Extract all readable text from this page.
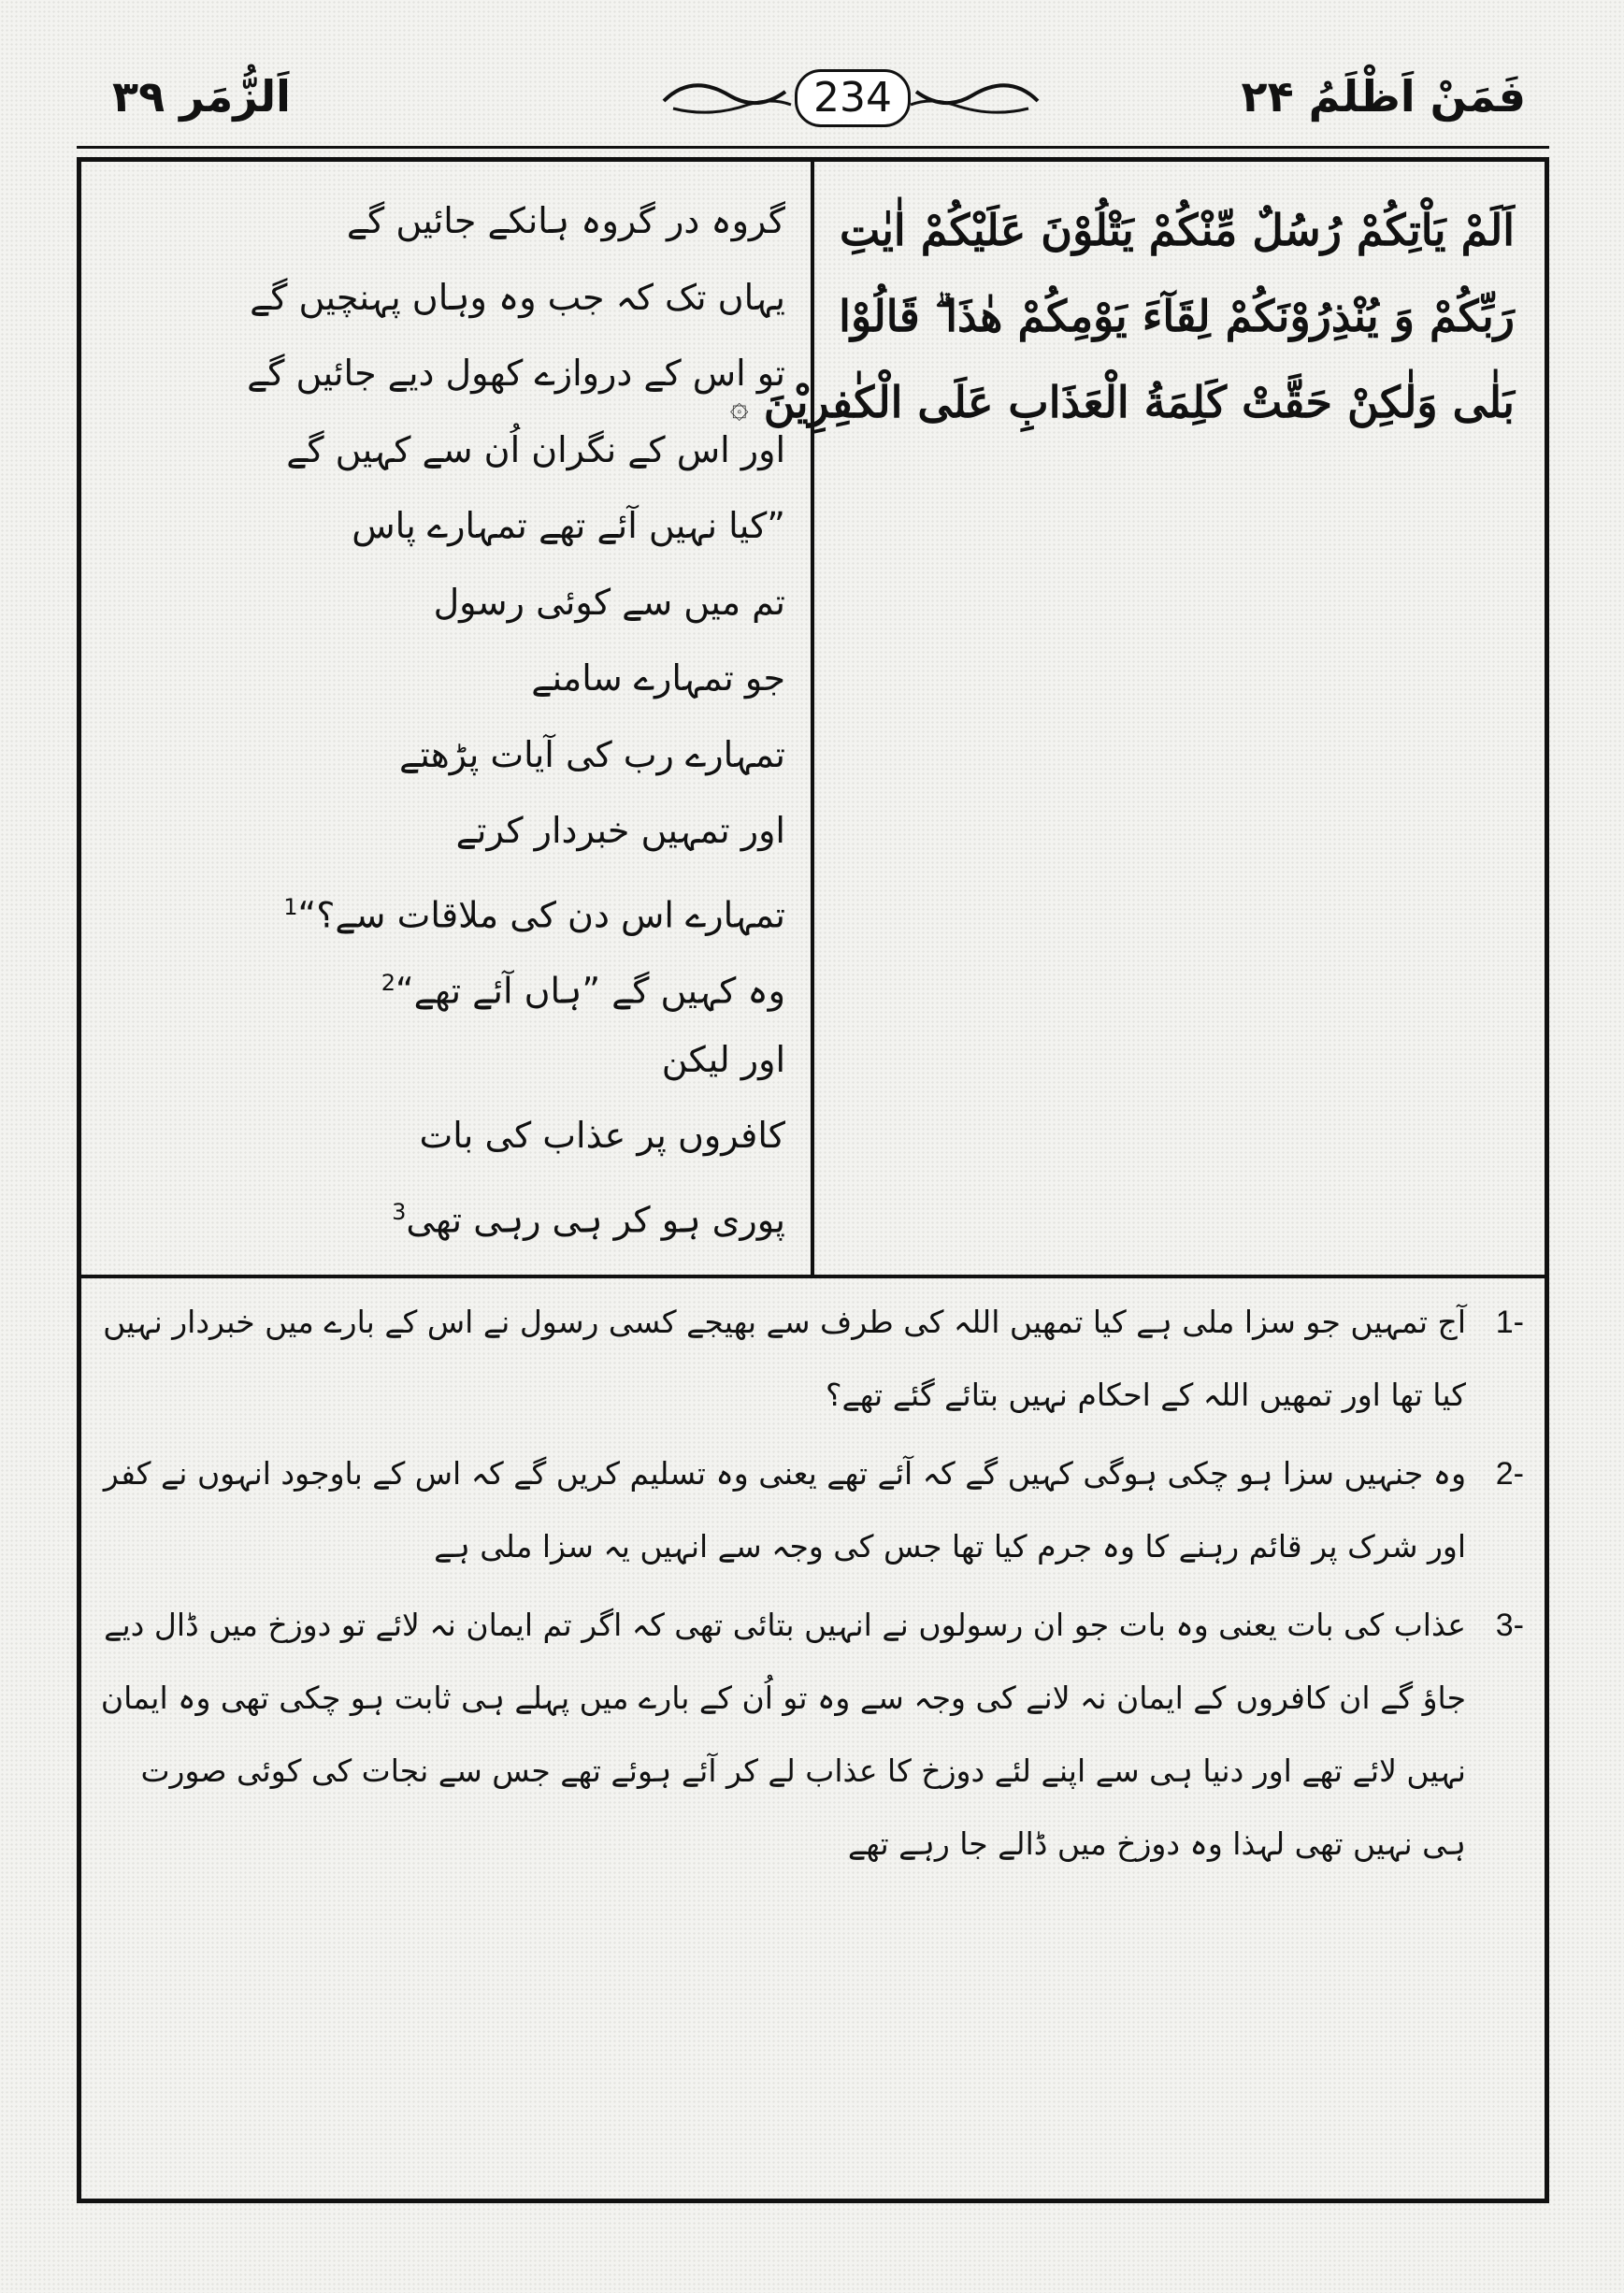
فَمَنْ اَظْلَمُ ۲۴
234
اَلزُّمَر ۳۹
اَلَمْ يَاْتِكُمْ رُسُلٌ مِّنْكُمْ يَتْلُوْنَ عَلَيْكُمْ اٰيٰتِ
رَبِّكُمْ وَ يُنْذِرُوْنَكُمْ لِقَآءَ يَوْمِكُمْ هٰذَا ۗ قَالُوْا
بَلٰى وَلٰكِنْ حَقَّتْ كَلِمَةُ الْعَذَابِ عَلَى الْكٰفِرِيْنَ ۞
گروہ در گروہ ہانکے جائیں گے
یہاں تک کہ جب وہ وہاں پہنچیں گے
تو اس کے دروازے کھول دیے جائیں گے
اور اس کے نگران اُن سے کہیں گے
”کیا نہیں آئے تھے تمہارے پاس
تم میں سے کوئی رسول
جو تمہارے سامنے
تمہارے رب کی آیات پڑھتے
اور تمہیں خبردار کرتے
تمہارے اس دن کی ملاقات سے؟“$^1$
وہ کہیں گے ”ہاں آئے تھے“$^2$
اور لیکن
کافروں پر عذاب کی بات
پوری ہو کر ہی رہی تھی$^3$
-1
آج تمہیں جو سزا ملی ہے کیا تمھیں اللہ کی طرف سے بھیجے کسی رسول نے اس کے بارے میں خبردار نہیں کیا تھا اور تمھیں اللہ کے احکام نہیں بتائے گئے تھے؟
-2
وہ جنہیں سزا ہو چکی ہوگی کہیں گے کہ آئے تھے یعنی وہ تسلیم کریں گے کہ اس کے باوجود انہوں نے کفر اور شرک پر قائم رہنے کا وہ جرم کیا تھا جس کی وجہ سے انہیں یہ سزا ملی ہے
-3
عذاب کی بات یعنی وہ بات جو ان رسولوں نے انہیں بتائی تھی کہ اگر تم ایمان نہ لائے تو دوزخ میں ڈال دیے جاؤ گے ان کافروں کے ایمان نہ لانے کی وجہ سے وہ تو اُن کے بارے میں پہلے ہی ثابت ہو چکی تھی وہ ایمان نہیں لائے تھے اور دنیا ہی سے اپنے لئے دوزخ کا عذاب لے کر آئے ہوئے تھے جس سے نجات کی کوئی صورت ہی نہیں تھی لہذا وہ دوزخ میں ڈالے جا رہے تھے
